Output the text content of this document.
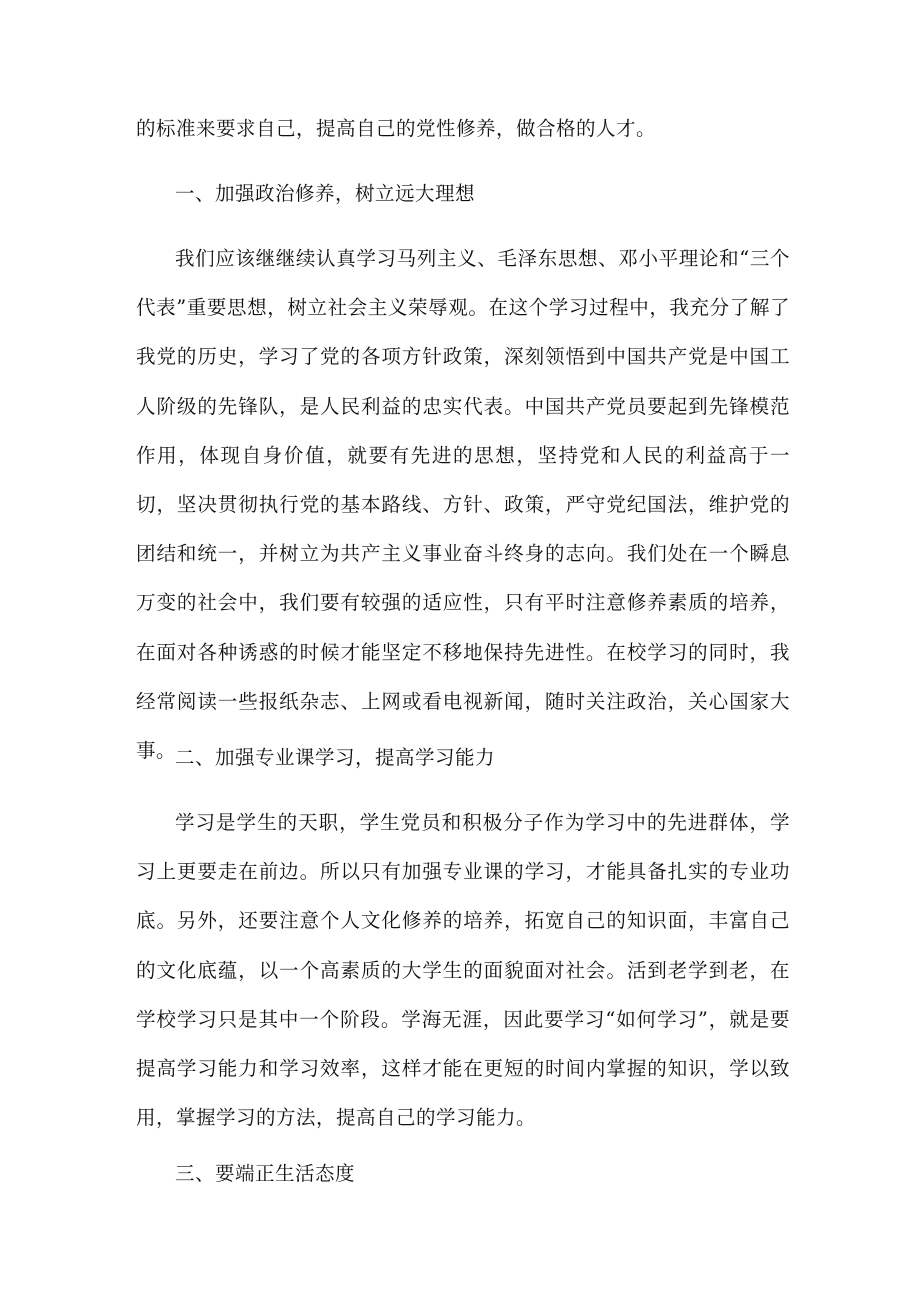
的标准来要求自己，提高自己的党性修养，做合格的人才。

一、加强政治修养，树立远大理想

我们应该继继续认真学习马列主义、毛泽东思想、邓小平理论和“三个代表”重要思想，树立社会主义荣辱观。在这个学习过程中，我充分了解了我党的历史，学习了党的各项方针政策，深刻领悟到中国共产党是中国工人阶级的先锋队，是人民利益的忠实代表。中国共产党员要起到先锋模范作用，体现自身价值，就要有先进的思想，坚持党和人民的利益高于一切，坚决贯彻执行党的基本路线、方针、政策，严守党纪国法，维护党的团结和统一，并树立为共产主义事业奋斗终身的志向。我们处在一个瞬息万变的社会中，我们要有较强的适应性，只有平时注意修养素质的培养，在面对各种诱惑的时候才能坚定不移地保持先进性。在校学习的同时，我经常阅读一些报纸杂志、上网或看电视新闻，随时关注政治，关心国家大事。

二、加强专业课学习，提高学习能力

学习是学生的天职，学生党员和积极分子作为学习中的先进群体，学习上更要走在前边。所以只有加强专业课的学习，才能具备扎实的专业功底。另外，还要注意个人文化修养的培养，拓宽自己的知识面，丰富自己的文化底蕴，以一个高素质的大学生的面貌面对社会。活到老学到老，在学校学习只是其中一个阶段。学海无涯，因此要学习“如何学习”，就是要提高学习能力和学习效率，这样才能在更短的时间内掌握的知识，学以致用，掌握学习的方法，提高自己的学习能力。

三、要端正生活态度
